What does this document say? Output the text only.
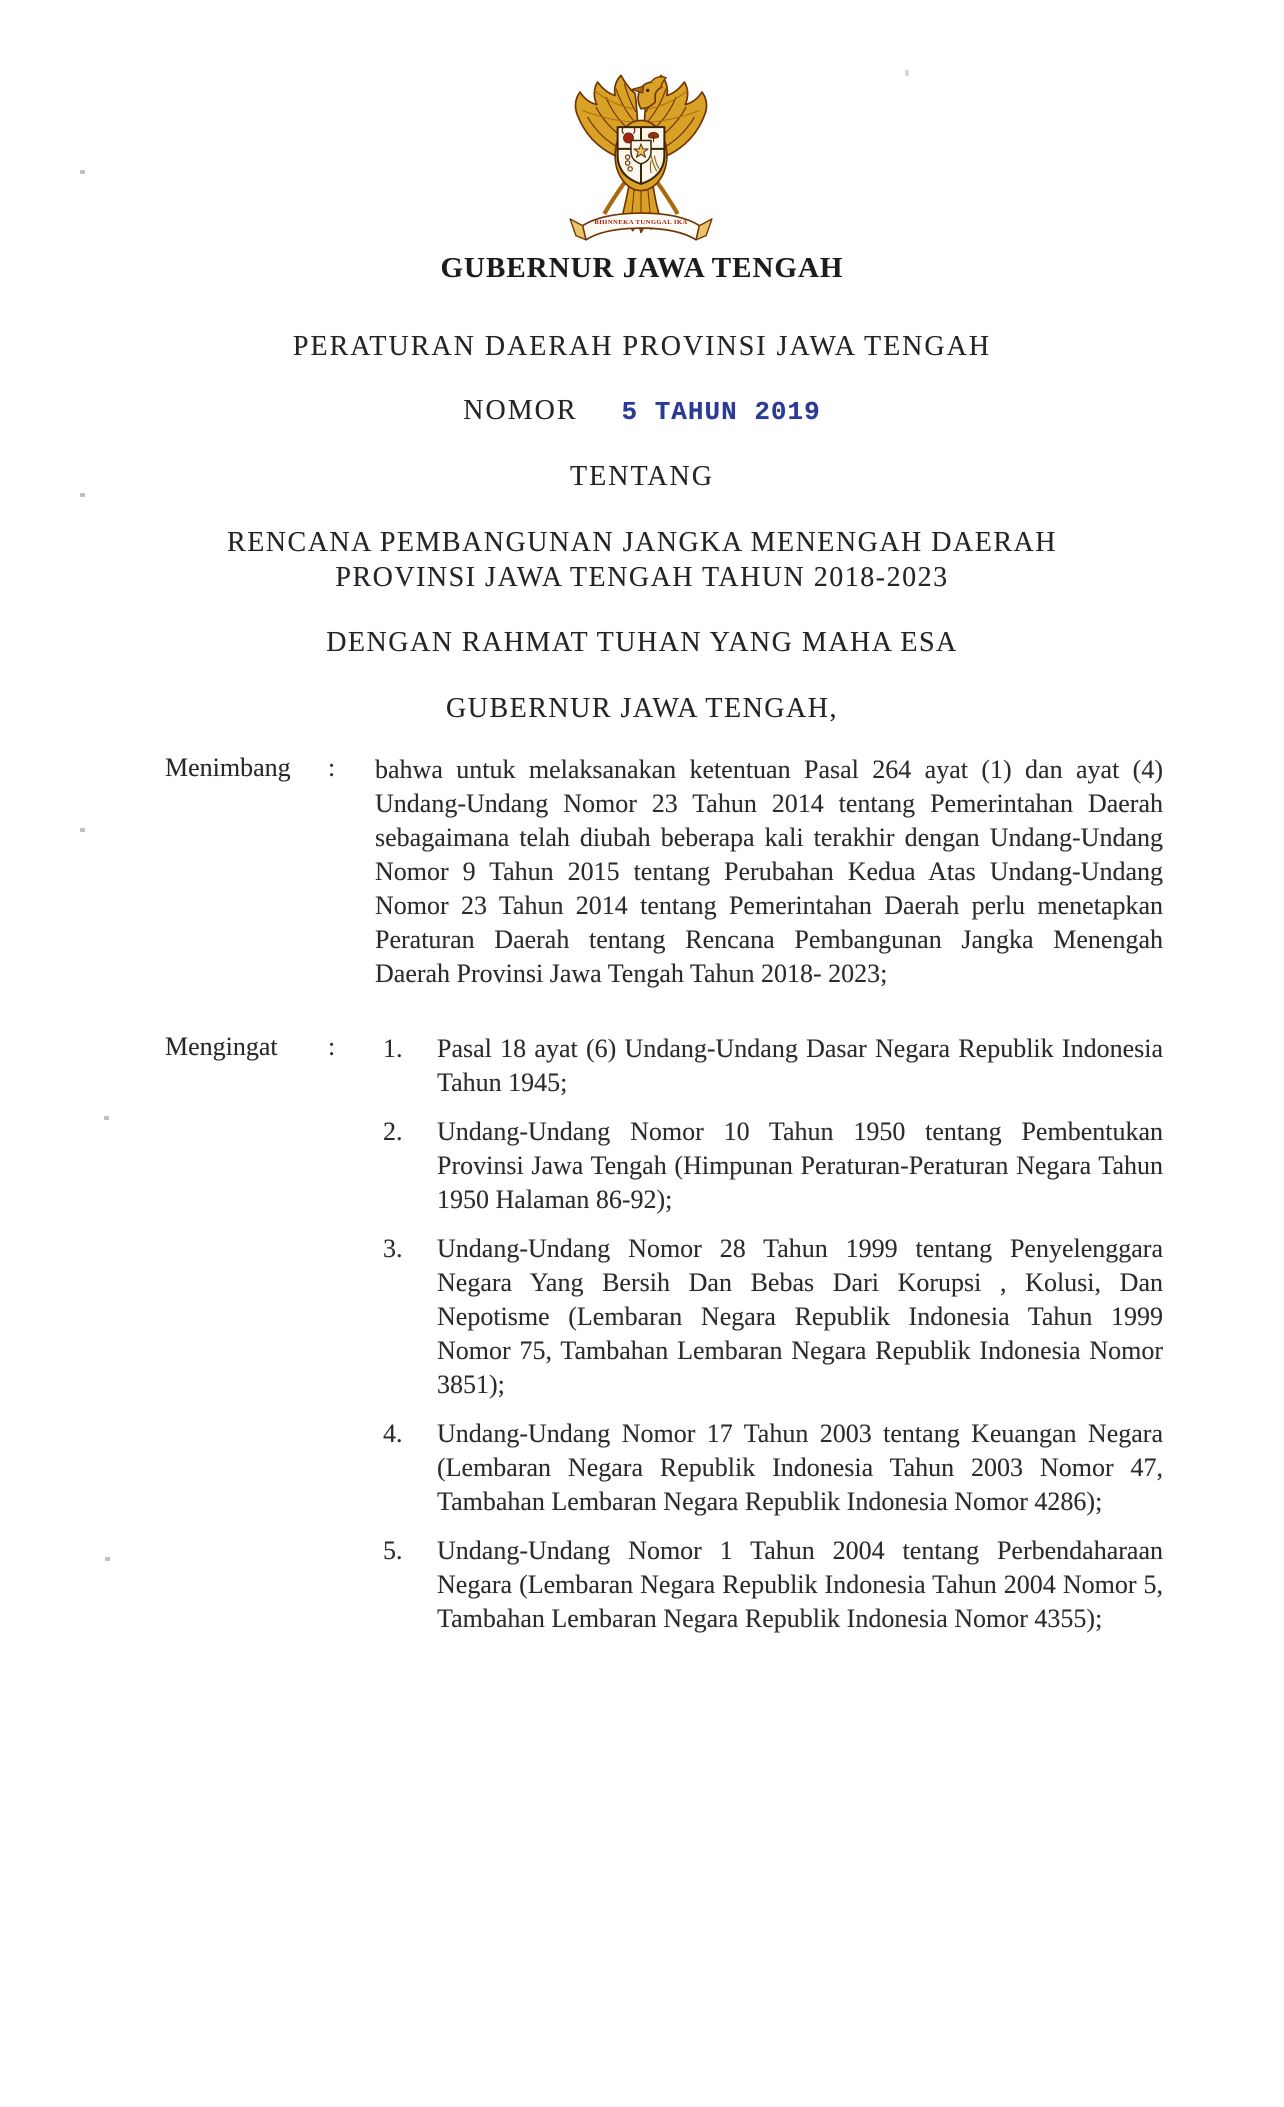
BHINNEKA TUNGGAL IKA
GUBERNUR JAWA TENGAH
PERATURAN DAERAH PROVINSI JAWA TENGAH
NOMOR 5 TAHUN 2019
TENTANG
RENCANA PEMBANGUNAN JANGKA MENENGAH DAERAH
PROVINSI JAWA TENGAH TAHUN 2018-2023
DENGAN RAHMAT TUHAN YANG MAHA ESA
GUBERNUR JAWA TENGAH,
Menimbang : bahwa untuk melaksanakan ketentuan Pasal 264 ayat (1) dan ayat (4) Undang-Undang Nomor 23 Tahun 2014 tentang Pemerintahan Daerah sebagaimana telah diubah beberapa kali terakhir dengan Undang-Undang Nomor 9 Tahun 2015 tentang Perubahan Kedua Atas Undang-Undang Nomor 23 Tahun 2014 tentang Pemerintahan Daerah perlu menetapkan Peraturan Daerah tentang Rencana Pembangunan Jangka Menengah Daerah Provinsi Jawa Tengah Tahun 2018- 2023;
Mengingat : 1.	Pasal 18 ayat (6) Undang-Undang Dasar Negara Republik Indonesia Tahun 1945;
2.	Undang-Undang Nomor 10 Tahun 1950 tentang Pembentukan Provinsi Jawa Tengah (Himpunan Peraturan-Peraturan Negara Tahun 1950 Halaman 86-92);
3.	Undang-Undang Nomor 28 Tahun 1999 tentang Penyelenggara Negara Yang Bersih Dan Bebas Dari Korupsi , Kolusi, Dan Nepotisme (Lembaran Negara Republik Indonesia Tahun 1999 Nomor 75, Tambahan Lembaran Negara Republik Indonesia Nomor 3851);
4.	Undang-Undang Nomor 17 Tahun 2003 tentang Keuangan Negara (Lembaran Negara Republik Indonesia Tahun 2003 Nomor 47, Tambahan Lembaran Negara Republik Indonesia Nomor 4286);
5.	Undang-Undang Nomor 1 Tahun 2004 tentang Perbendaharaan Negara (Lembaran Negara Republik Indonesia Tahun 2004 Nomor 5, Tambahan Lembaran Negara Republik Indonesia Nomor 4355);
